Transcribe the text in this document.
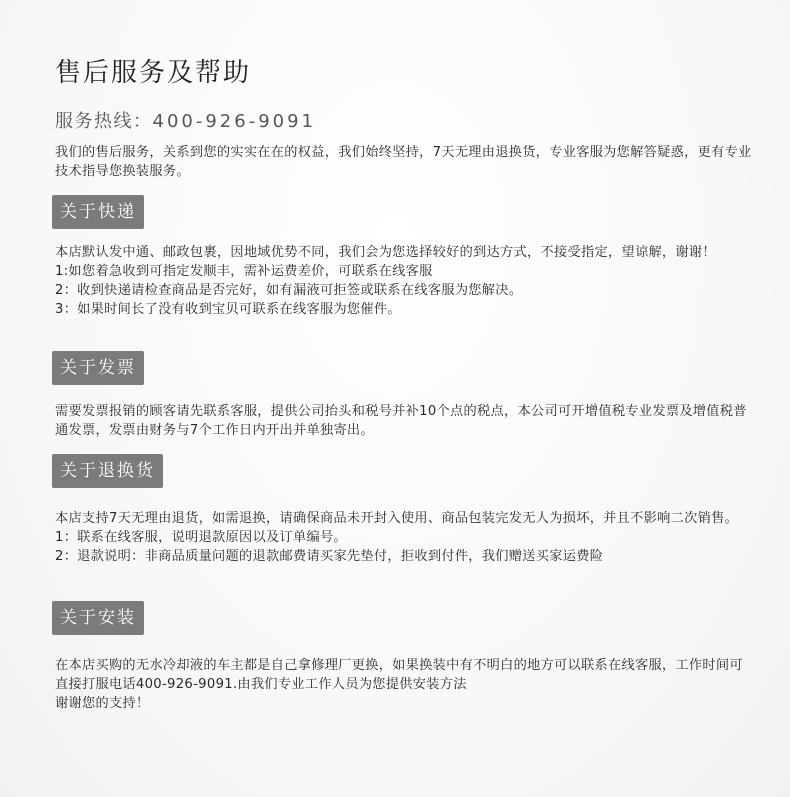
售后服务及帮助
服务热线：400-926-9091
我们的售后服务，关系到您的实实在在的权益，我们始终坚持，7天无理由退换货，专业客服为您解答疑惑，更有专业技术指导您换装服务。
关于快递

本店默认发中通、邮政包裹，因地域优势不同，我们会为您选择较好的到达方式，不接受指定，望谅解，谢谢！

1:如您着急收到可指定发顺丰，需补运费差价，可联系在线客服

2：收到快递请检查商品是否完好，如有漏液可拒签或联系在线客服为您解决。

3：如果时间长了没有收到宝贝可联系在线客服为您催件。

关于发票

需要发票报销的顾客请先联系客服，提供公司抬头和税号并补10个点的税点，本公司可开增值税专业发票及增值税普通发票，发票由财务与7个工作日内开出并单独寄出。

关于退换货

本店支持7天无理由退货，如需退换，请确保商品未开封入使用、商品包装完发无人为损坏，并且不影响二次销售。

1：联系在线客服，说明退款原因以及订单编号。

2：退款说明：非商品质量问题的退款邮费请买家先垫付，拒收到付件，我们赠送买家运费险

关于安装

在本店买购的无水冷却液的车主都是自己拿修理厂更换，如果换装中有不明白的地方可以联系在线客服，工作时间可直接打服电话400-926-9091.由我们专业工作人员为您提供安装方法

谢谢您的支持！
